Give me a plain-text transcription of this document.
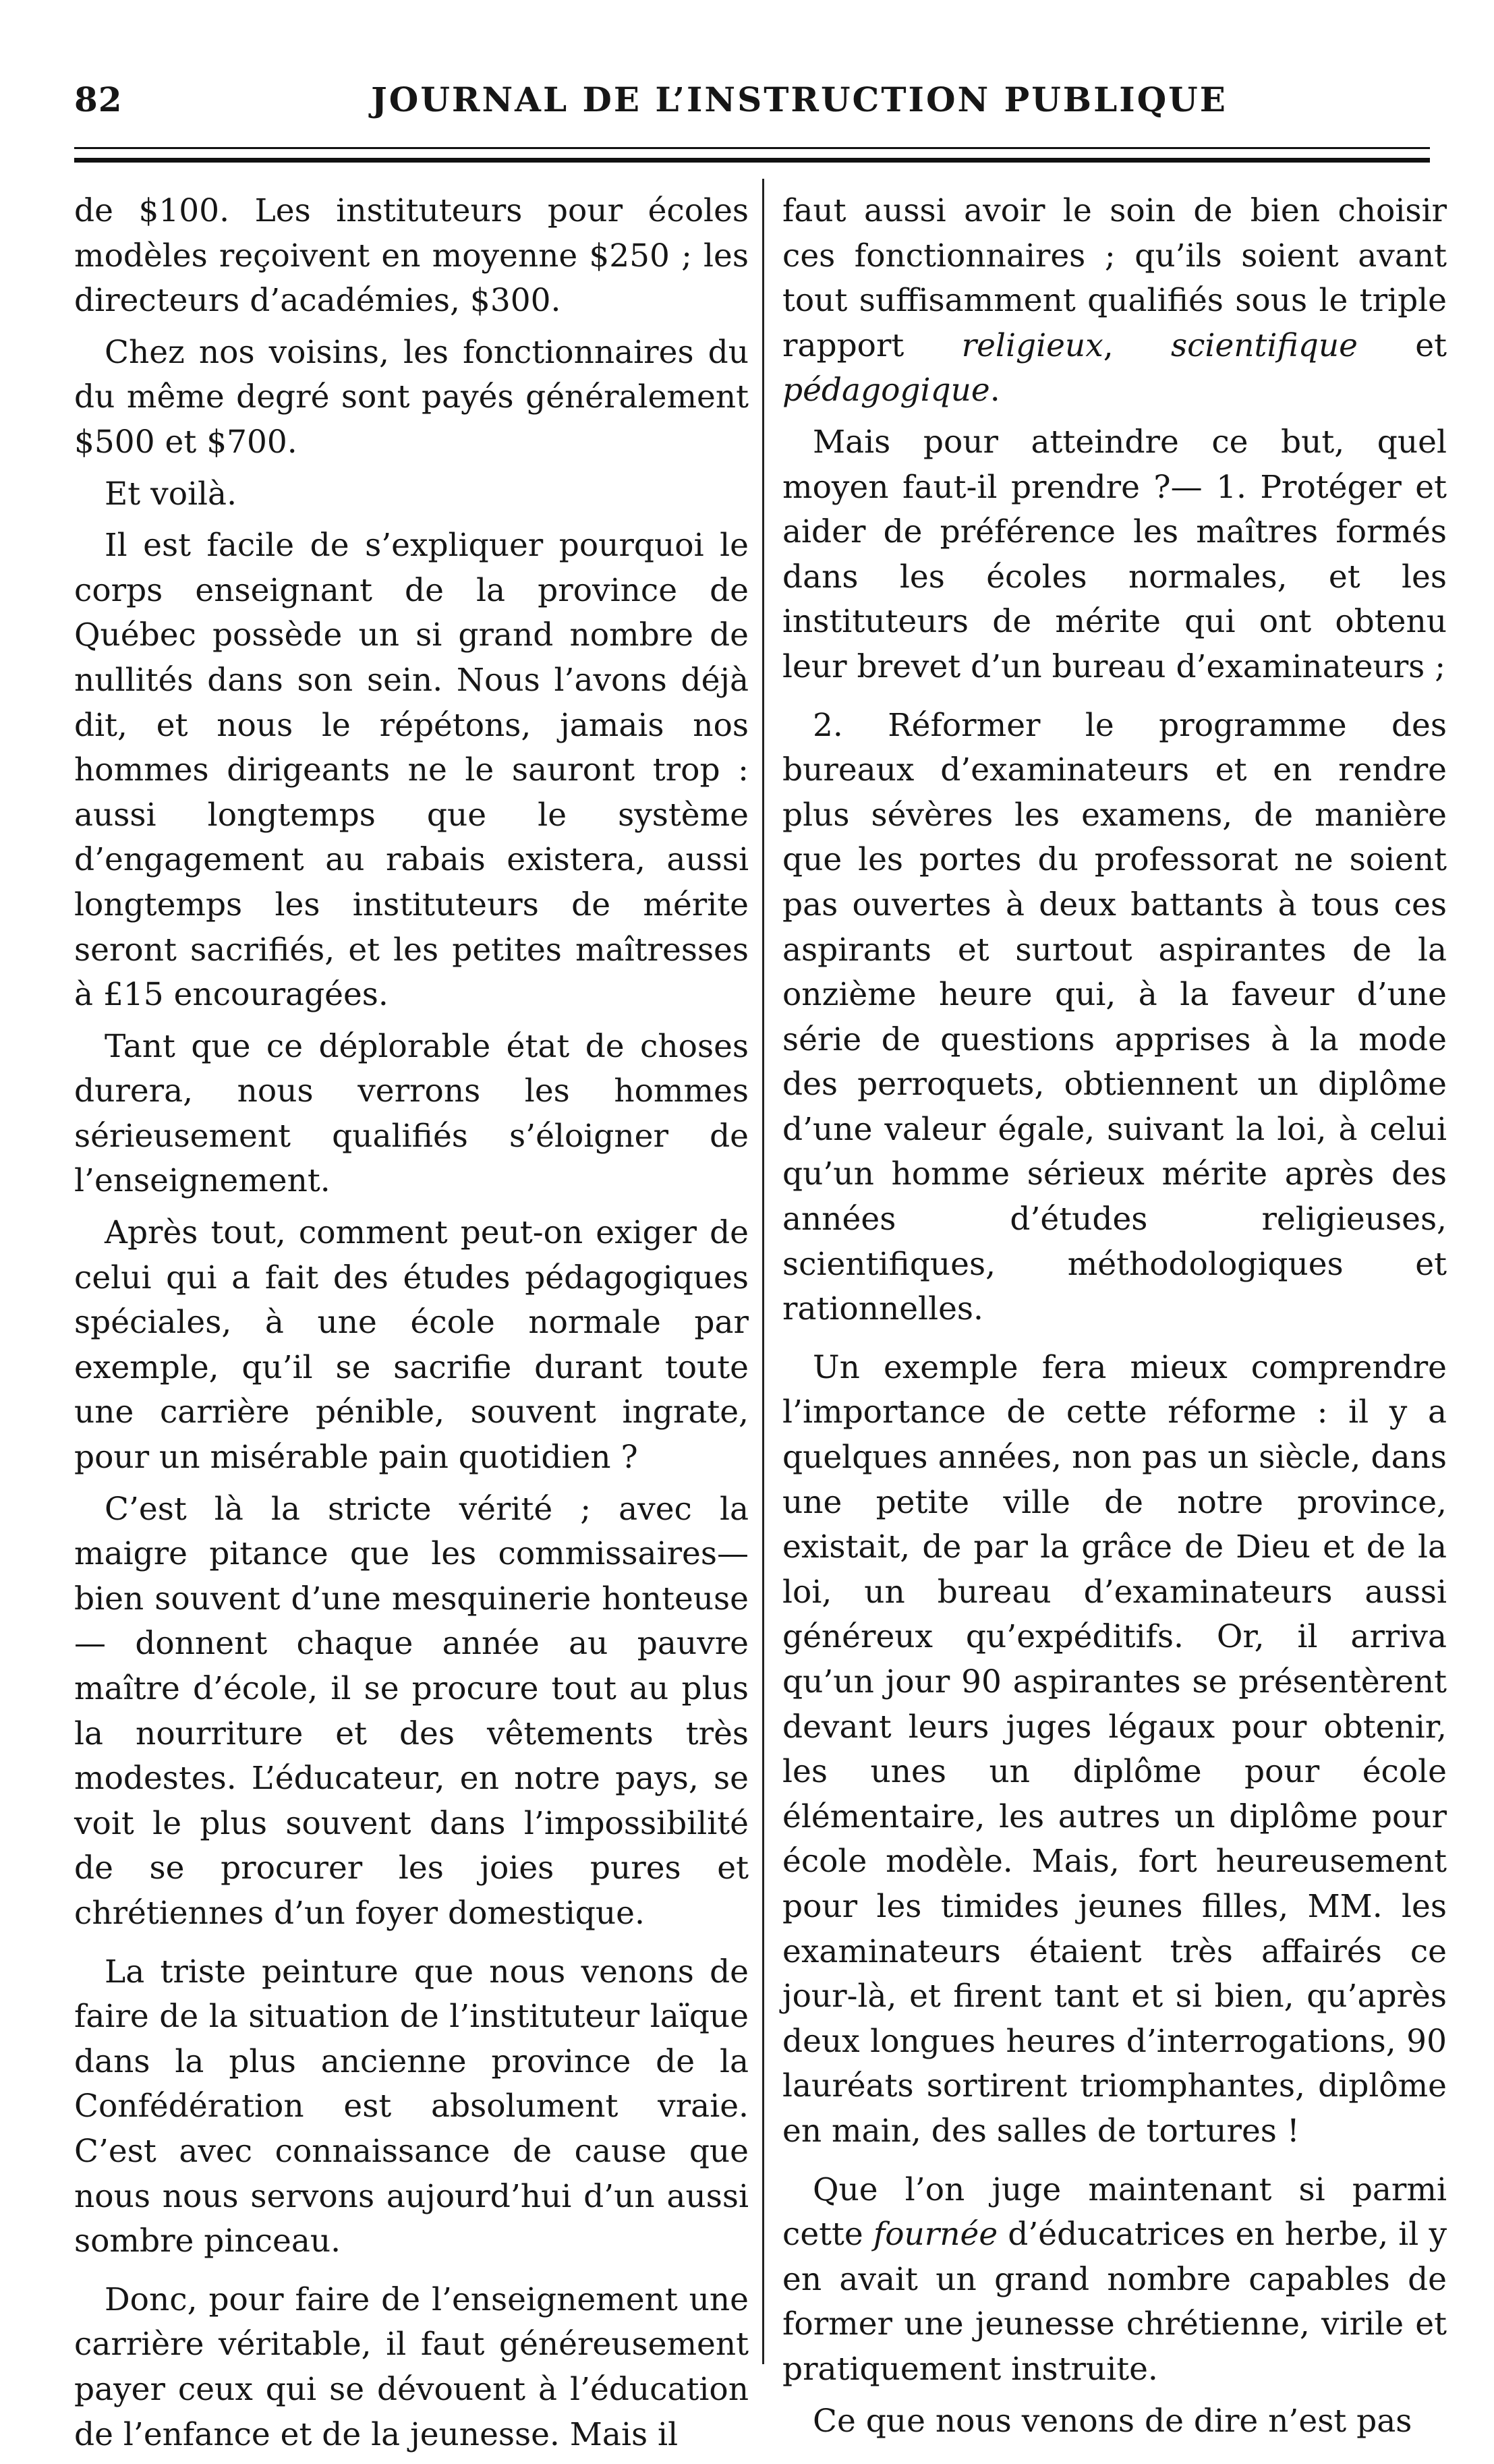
82	JOURNAL DE L’INSTRUCTION PUBLIQUE

de $100. Les instituteurs pour écoles modèles reçoivent en moyenne $250 ; les directeurs d’académies, $300.

Chez nos voisins, les fonctionnaires du du même degré sont payés généralement $500 et $700.

Et voilà.

Il est facile de s’expliquer pourquoi le corps enseignant de la province de Québec possède un si grand nombre de nullités dans son sein. Nous l’avons déjà dit, et nous le répétons, jamais nos hommes dirigeants ne le sauront trop : aussi longtemps que le système d’engagement au rabais existera, aussi longtemps les instituteurs de mérite seront sacrifiés, et les petites maîtresses à £15 encouragées.

Tant que ce déplorable état de choses durera, nous verrons les hommes sérieusement qualifiés s’éloigner de l’enseignement.

Après tout, comment peut-on exiger de celui qui a fait des études pédagogiques spéciales, à une école normale par exemple, qu’il se sacrifie durant toute une carrière pénible, souvent ingrate, pour un misérable pain quotidien ?

C’est là la stricte vérité ; avec la maigre pitance que les commissaires—bien souvent d’une mesquinerie honteuse — donnent chaque année au pauvre maître d’école, il se procure tout au plus la nourriture et des vêtements très modestes. L’éducateur, en notre pays, se voit le plus souvent dans l’impossibilité de se procurer les joies pures et chrétiennes d’un foyer domestique.

La triste peinture que nous venons de faire de la situation de l’instituteur laïque dans la plus ancienne province de la Confédération est absolument vraie. C’est avec connaissance de cause que nous nous servons aujourd’hui d’un aussi sombre pinceau.

Donc, pour faire de l’enseignement une carrière véritable, il faut généreusement payer ceux qui se dévouent à l’éducation de l’enfance et de la jeunesse. Mais il

faut aussi avoir le soin de bien choisir ces fonctionnaires ; qu’ils soient avant tout suffisamment qualifiés sous le triple rapport religieux, scientifique et pédagogique.

Mais pour atteindre ce but, quel moyen faut-il prendre ?— 1. Protéger et aider de préférence les maîtres formés dans les écoles normales, et les instituteurs de mérite qui ont obtenu leur brevet d’un bureau d’examinateurs ;

2. Réformer le programme des bureaux d’examinateurs et en rendre plus sévères les examens, de manière que les portes du professorat ne soient pas ouvertes à deux battants à tous ces aspirants et surtout aspirantes de la onzième heure qui, à la faveur d’une série de questions apprises à la mode des perroquets, obtiennent un diplôme d’une valeur égale, suivant la loi, à celui qu’un homme sérieux mérite après des années d’études religieuses, scientifiques, méthodologiques et rationnelles.

Un exemple fera mieux comprendre l’importance de cette réforme : il y a quelques années, non pas un siècle, dans une petite ville de notre province, existait, de par la grâce de Dieu et de la loi, un bureau d’examinateurs aussi généreux qu’expéditifs. Or, il arriva qu’un jour 90 aspirantes se présentèrent devant leurs juges légaux pour obtenir, les unes un diplôme pour école élémentaire, les autres un diplôme pour école modèle. Mais, fort heureusement pour les timides jeunes filles, MM. les examinateurs étaient très affairés ce jour-là, et firent tant et si bien, qu’après deux longues heures d’interrogations, 90 lauréats sortirent triomphantes, diplôme en main, des salles de tortures !

Que l’on juge maintenant si parmi cette fournée d’éducatrices en herbe, il y en avait un grand nombre capables de former une jeunesse chrétienne, virile et pratiquement instruite.

Ce que nous venons de dire n’est pas
